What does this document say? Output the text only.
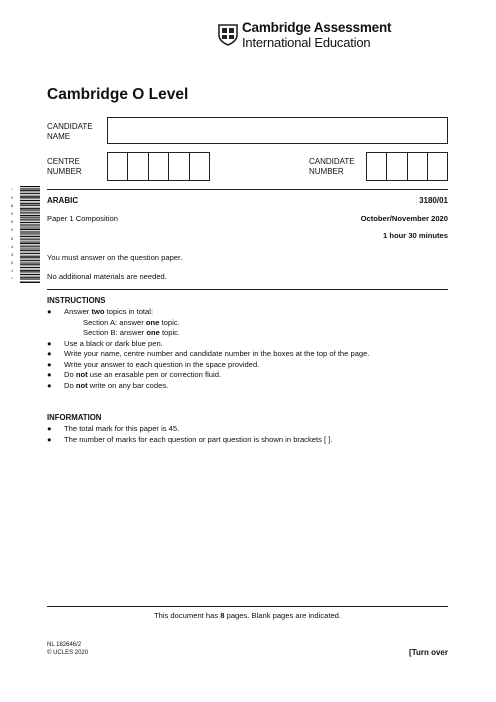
Cambridge Assessment
International Education
Cambridge O Level
CANDIDATE
NAME
CENTRE
NUMBER
CANDIDATE
NUMBER
*
2
8
0
5
2
6
4
3
0
1
*
ARABIC	3180/01
Paper 1 Composition	October/November 2020
1 hour 30 minutes
You must answer on the question paper.
No additional materials are needed.
INSTRUCTIONS
● Answer two topics in total:
Section A: answer one topic.
Section B: answer one topic.
● Use a black or dark blue pen.
● Write your name, centre number and candidate number in the boxes at the top of the page.
● Write your answer to each question in the space provided.
● Do not use an erasable pen or correction fluid.
● Do not write on any bar codes.
INFORMATION
● The total mark for this paper is 45.
● The number of marks for each question or part question is shown in brackets [ ].
This document has 8 pages. Blank pages are indicated.
NL 182646/2
© UCLES 2020	[Turn over
